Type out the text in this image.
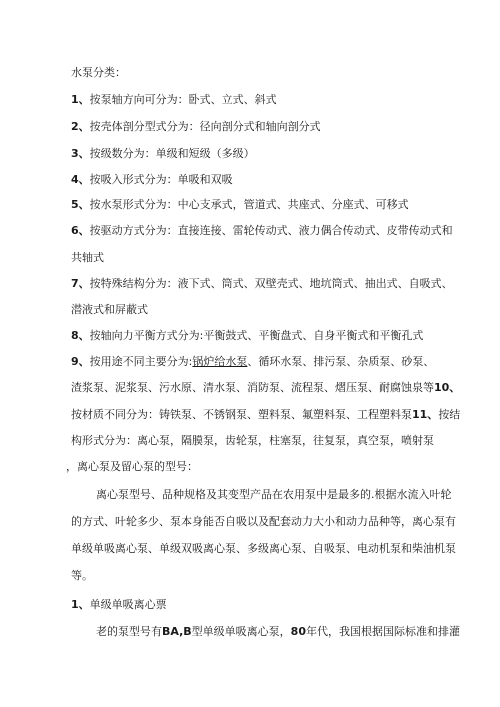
水泵分类：
1、按泵轴方向可分为：卧式、立式、斜式
2、按壳体剖分型式分为：径向剖分式和轴向剖分式
3、按级数分为：单级和短级（多级）
4、按吸入形式分为：单吸和双吸
5、按水泵形式分为：中心支承式，管道式、共座式、分座式、可移式
6、按驱动方式分为：直接连接、雷轮传动式、液力偶合传动式、皮带传动式和
共轴式
7、按特殊结构分为：液下式、筒式、双壁壳式、地坑筒式、抽出式、自吸式、
潜液式和屏蔽式
8、按轴向力平衡方式分为:平衡鼓式、平衡盘式、自身平衡式和平衡孔式
9、按用途不同主要分为:锅炉给水泵、循环水泵、排污泵、杂质泵、砂泵、
渣浆泵、泥浆泵、污水原、清水泵、消防泵、流程泵、熠压泵、耐腐蚀泉等10、
按材质不同分为：铸铁泵、不锈钢泵、塑料泵、氟塑料泵、工程塑料泵11、按结
构形式分为：离心泵，隔膜泵，齿轮泵，柱塞泵，往复泵，真空泵，喷射泵
，离心泵及留心泵的型号：
离心泵型号、品种规格及其变型产品在农用泵中是最多的.根据水流入叶轮
的方式、叶轮多少、泵本身能否自吸以及配套动力大小和动力品种等，离心泵有
单级单吸离心泵、单级双吸离心泵、多级离心泵、自吸泵、电动机泵和柴油机泵
等。
1、单级单吸离心票
老的泵型号有BA,B型单级单吸离心泵，80年代，我国根据国际标准和排灌
